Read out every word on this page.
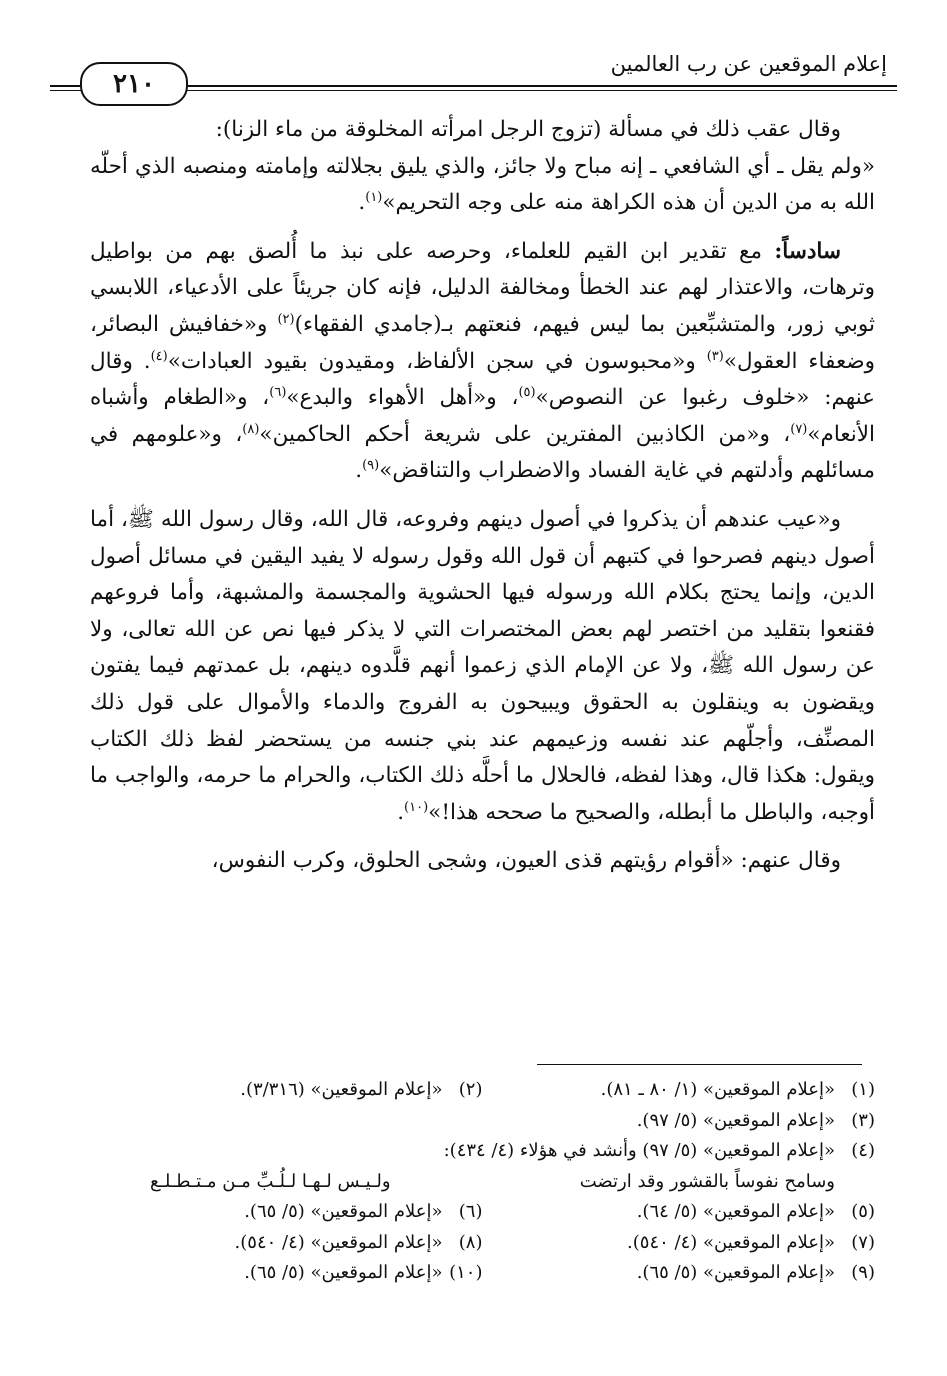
إعلام الموقعين عن رب العالمين
٢١٠

وقال عقب ذلك في مسألة (تزوج الرجل امرأته المخلوقة من ماء الزنا):
«ولم يقل ـ أي الشافعي ـ إنه مباح ولا جائز، والذي يليق بجلالته وإمامته ومنصبه الذي أحلّه الله به من الدين أن هذه الكراهة منه على وجه التحريم»$^{(١)}$.

سادساً: مع تقدير ابن القيم للعلماء، وحرصه على نبذ ما أُلصق بهم من بواطيل وترهات، والاعتذار لهم عند الخطأ ومخالفة الدليل، فإنه كان جريئاً على الأدعياء، اللابسي ثوبي زور، والمتشبِّعين بما ليس فيهم، فنعتهم بـ(جامدي الفقهاء)$^{(٢)}$ و«خفافيش البصائر، وضعفاء العقول»$^{(٣)}$ و«محبوسون في سجن الألفاظ، ومقيدون بقيود العبادات»$^{(٤)}$. وقال عنهم: «خلوف رغبوا عن النصوص»$^{(٥)}$، و«أهل الأهواء والبدع»$^{(٦)}$، و«الطغام وأشباه الأنعام»$^{(٧)}$، و«من الكاذبين المفترين على شريعة أحكم الحاكمين»$^{(٨)}$، و«علومهم في مسائلهم وأدلتهم في غاية الفساد والاضطراب والتناقض»$^{(٩)}$.

و«عيب عندهم أن يذكروا في أصول دينهم وفروعه، قال الله، وقال رسول الله ﷺ، أما أصول دينهم فصرحوا في كتبهم أن قول الله وقول رسوله لا يفيد اليقين في مسائل أصول الدين، وإنما يحتج بكلام الله ورسوله فيها الحشوية والمجسمة والمشبهة، وأما فروعهم فقنعوا بتقليد من اختصر لهم بعض المختصرات التي لا يذكر فيها نص عن الله تعالى، ولا عن رسول الله ﷺ، ولا عن الإمام الذي زعموا أنهم قلَّدوه دينهم، بل عمدتهم فيما يفتون ويقضون به وينقلون به الحقوق ويبيحون به الفروج والدماء والأموال على قول ذلك المصنِّف، وأجلّهم عند نفسه وزعيمهم عند بني جنسه من يستحضر لفظ ذلك الكتاب ويقول: هكذا قال، وهذا لفظه، فالحلال ما أحلَّه ذلك الكتاب، والحرام ما حرمه، والواجب ما أوجبه، والباطل ما أبطله، والصحيح ما صححه هذا!»$^{(١٠)}$.

وقال عنهم: «أقوام رؤيتهم قذى العيون، وشجى الحلوق، وكرب النفوس،

(١)«إعلام الموقعين» (١/ ٨٠ ـ ٨١).
(٢)«إعلام الموقعين» (٣/٣١٦).
(٣)«إعلام الموقعين» (٥/ ٩٧).
(٤)«إعلام الموقعين» (٥/ ٩٧) وأنشد في هؤلاء (٤/ ٤٣٤):
وسامح نفوساً بالقشور وقد ارتضت
ولـيـس لـهـا لـلُـبِّ مـن مـتـطـلـع
(٥)«إعلام الموقعين» (٥/ ٦٤).
(٦)«إعلام الموقعين» (٥/ ٦٥).
(٧)«إعلام الموقعين» (٤/ ٥٤٠).
(٨)«إعلام الموقعين» (٤/ ٥٤٠).
(٩)«إعلام الموقعين» (٥/ ٦٥).
(١٠)«إعلام الموقعين» (٥/ ٦٥).
